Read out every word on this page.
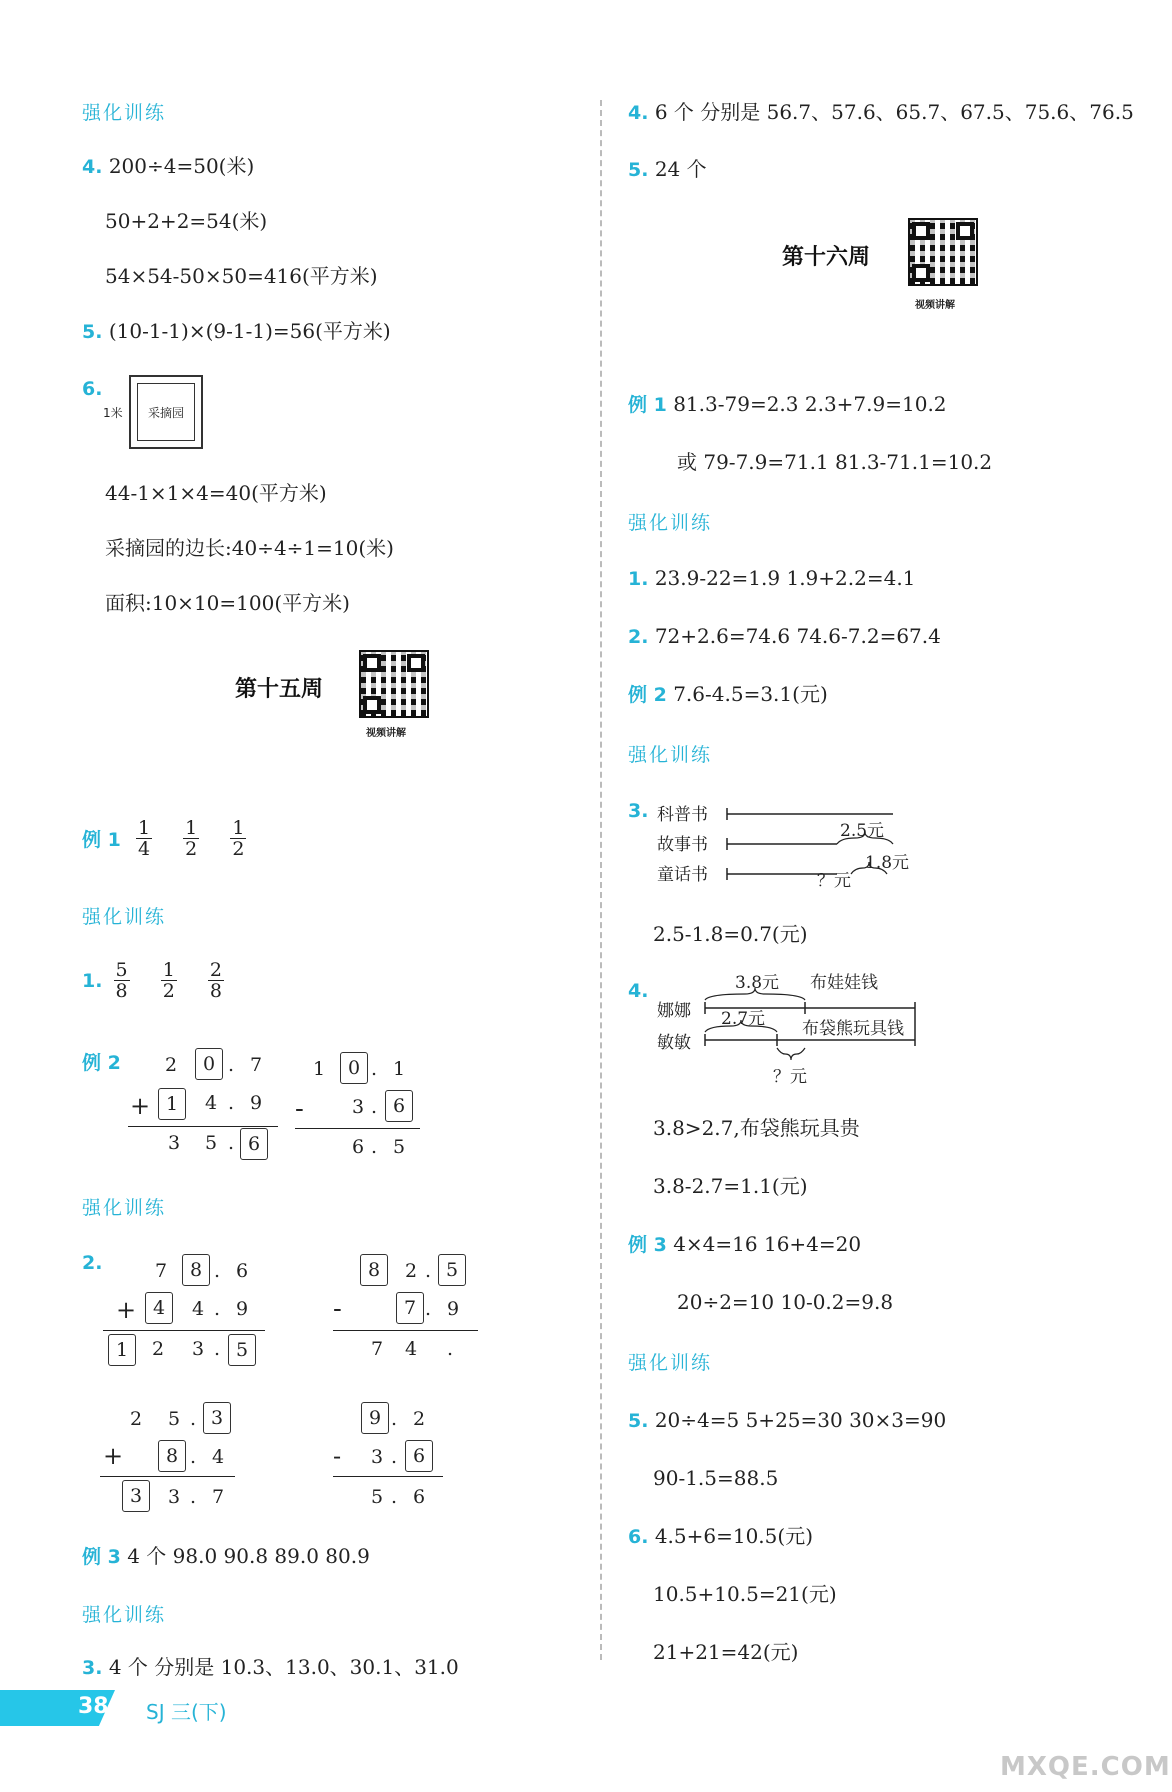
强化训练
4. 200÷4=50(米)
50+2+2=54(米)
54×54-50×50=416(平方米)
5. (10-1-1)×(9-1-1)=56(平方米)
6.
采摘园
1米
44-1×1×4=40(平方米)
采摘园的边长:40÷4÷1=10(米)
面积:10×10=100(平方米)
第十五周
视频讲解
例 $1 \frac{1}{4}$
$\frac{1}{2}$
$\frac{1}{2}$
强化训练
1. $\frac{5}{8}$
$\frac{1}{2}$
$\frac{2}{8}$
例 2 2	0 . 7
+ 1	4 . 9
3 5 . 6
1	0 . 1
-	3 . 6
6 . 5
强化训练
2.	7	8 . 6
+ 4	4 . 9
1	2 3 . 5
8	2 . 5
-	7 . 9
7 4 .
2 5 . 3
+	8 . 4
3	3 . 7
9 . 2
- 3 . 6
5 . 6
例 3 4 个 98.0 90.8 89.0 80.9
强化训练
3. 4 个 分别是 10.3、13.0、30.1、31.0
4. 6 个 分别是 56.7、57.6、65.7、67.5、75.6、76.5
5. 24 个
第十六周
视频讲解
例 1 81.3-79=2.3 2.3+7.9=10.2
或 79-7.9=71.1 81.3-71.1=10.2
强化训练
1. 23.9-22=1.9 1.9+2.2=4.1
2. 72+2.6=74.6 74.6-7.2=67.4
例 2 7.6-4.5=3.1(元)
强化训练
3. 科普书
故事书
童话书
2.5元
1.8元
？元
2.5-1.8=0.7(元)
4.
娜娜
敏敏
3.8元 布娃娃钱
2.7元 布袋熊玩具钱
？元
3.8>2.7,布袋熊玩具贵
3.8-2.7=1.1(元)
例 3 4×4=16 16+4=20
20÷2=10 10-0.2=9.8
强化训练
5. 20÷4=5 5+25=30 30×3=90
90-1.5=88.5
6. 4.5+6=10.5(元)
10.5+10.5=21(元)
21+21=42(元)
38 SJ 三(下)
MXQE.COM
